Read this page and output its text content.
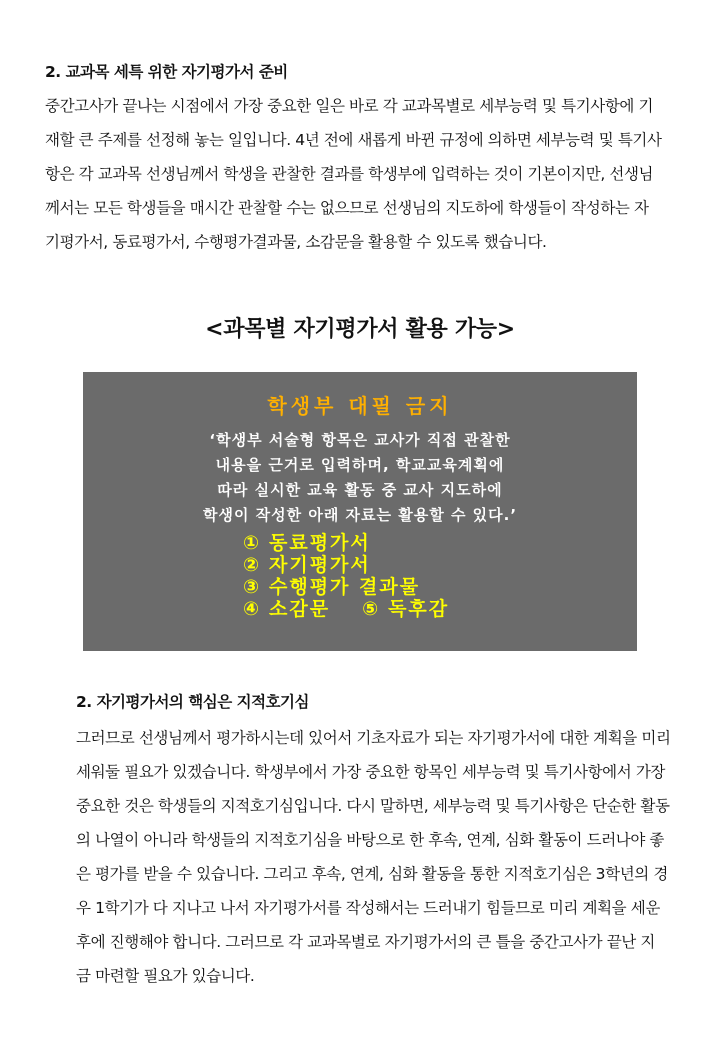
2. 교과목 세특 위한 자기평가서 준비
중간고사가 끝나는 시점에서 가장 중요한 일은 바로 각 교과목별로 세부능력 및 특기사항에 기
재할 큰 주제를 선정해 놓는 일입니다. 4년 전에 새롭게 바뀐 규정에 의하면 세부능력 및 특기사
항은 각 교과목 선생님께서 학생을 관찰한 결과를 학생부에 입력하는 것이 기본이지만, 선생님
께서는 모든 학생들을 매시간 관찰할 수는 없으므로 선생님의 지도하에 학생들이 작성하는 자
기평가서, 동료평가서, 수행평가결과물, 소감문을 활용할 수 있도록 했습니다.
<과목별 자기평가서 활용 가능>
학생부 대필 금지
‘학생부 서술형 항목은 교사가 직접 관찰한
내용을 근거로 입력하며, 학교교육계획에
따라 실시한 교육 활동 중 교사 지도하에
학생이 작성한 아래 자료는 활용할 수 있다.’
① 동료평가서
② 자기평가서
③ 수행평가 결과물
④ 소감문 ⑤ 독후감
2. 자기평가서의 핵심은 지적호기심
그러므로 선생님께서 평가하시는데 있어서 기초자료가 되는 자기평가서에 대한 계획을 미리
세워둘 필요가 있겠습니다. 학생부에서 가장 중요한 항목인 세부능력 및 특기사항에서 가장
중요한 것은 학생들의 지적호기심입니다. 다시 말하면, 세부능력 및 특기사항은 단순한 활동
의 나열이 아니라 학생들의 지적호기심을 바탕으로 한 후속, 연계, 심화 활동이 드러나야 좋
은 평가를 받을 수 있습니다. 그리고 후속, 연계, 심화 활동을 통한 지적호기심은 3학년의 경
우 1학기가 다 지나고 나서 자기평가서를 작성해서는 드러내기 힘들므로 미리 계획을 세운
후에 진행해야 합니다. 그러므로 각 교과목별로 자기평가서의 큰 틀을 중간고사가 끝난 지
금 마련할 필요가 있습니다.
